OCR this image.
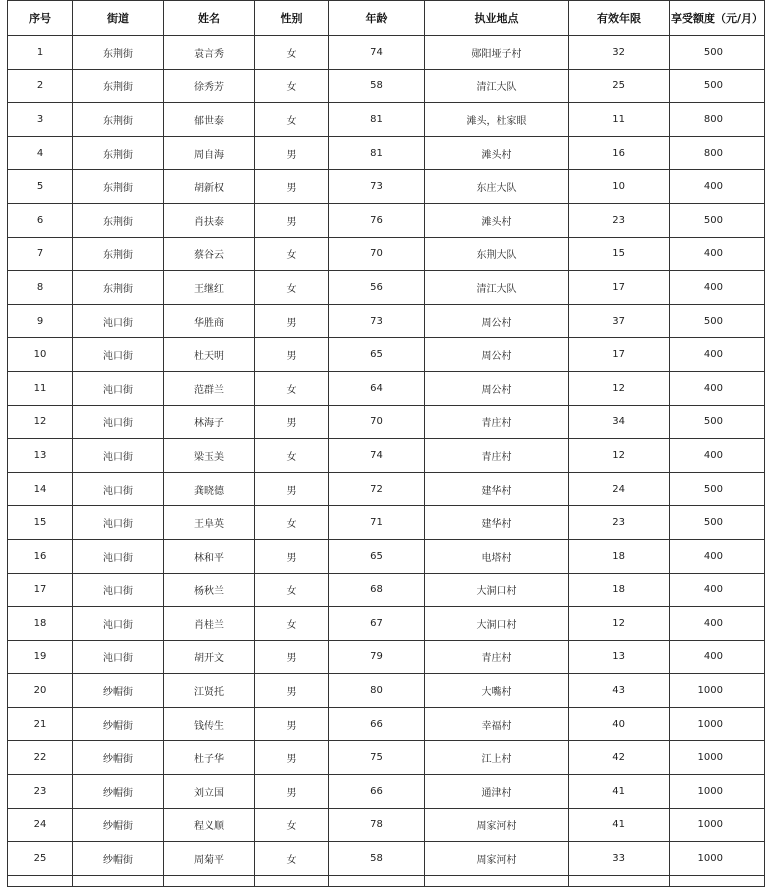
序号	街道	姓名	性别	年龄	执业地点	有效年限	享受额度（元/月）
1	东荆街	袁言秀	女	74	郧阳垭子村	32	500
2	东荆街	徐秀芳	女	58	清江大队	25	500
3	东荆街	郁世泰	女	81	滩头，杜家眼	11	800
4	东荆街	周自海	男	81	滩头村	16	800
5	东荆街	胡新权	男	73	东庄大队	10	400
6	东荆街	肖扶泰	男	76	滩头村	23	500
7	东荆街	蔡谷云	女	70	东荆大队	15	400
8	东荆街	王继红	女	56	清江大队	17	400
9	沌口街	华胜商	男	73	周公村	37	500
10	沌口街	杜天明	男	65	周公村	17	400
11	沌口街	范群兰	女	64	周公村	12	400
12	沌口街	林海子	男	70	青庄村	34	500
13	沌口街	梁玉美	女	74	青庄村	12	400
14	沌口街	龚晓德	男	72	建华村	24	500
15	沌口街	王阜英	女	71	建华村	23	500
16	沌口街	林和平	男	65	电塔村	18	400
17	沌口街	杨秋兰	女	68	大洞口村	18	400
18	沌口街	肖桂兰	女	67	大洞口村	12	400
19	沌口街	胡开文	男	79	青庄村	13	400
20	纱帽街	江贤托	男	80	大嘴村	43	1000
21	纱帽街	钱传生	男	66	幸福村	40	1000
22	纱帽街	杜子华	男	75	江上村	42	1000
23	纱帽街	刘立国	男	66	通津村	41	1000
24	纱帽街	程义顺	女	78	周家河村	41	1000
25	纱帽街	周菊平	女	58	周家河村	33	1000
